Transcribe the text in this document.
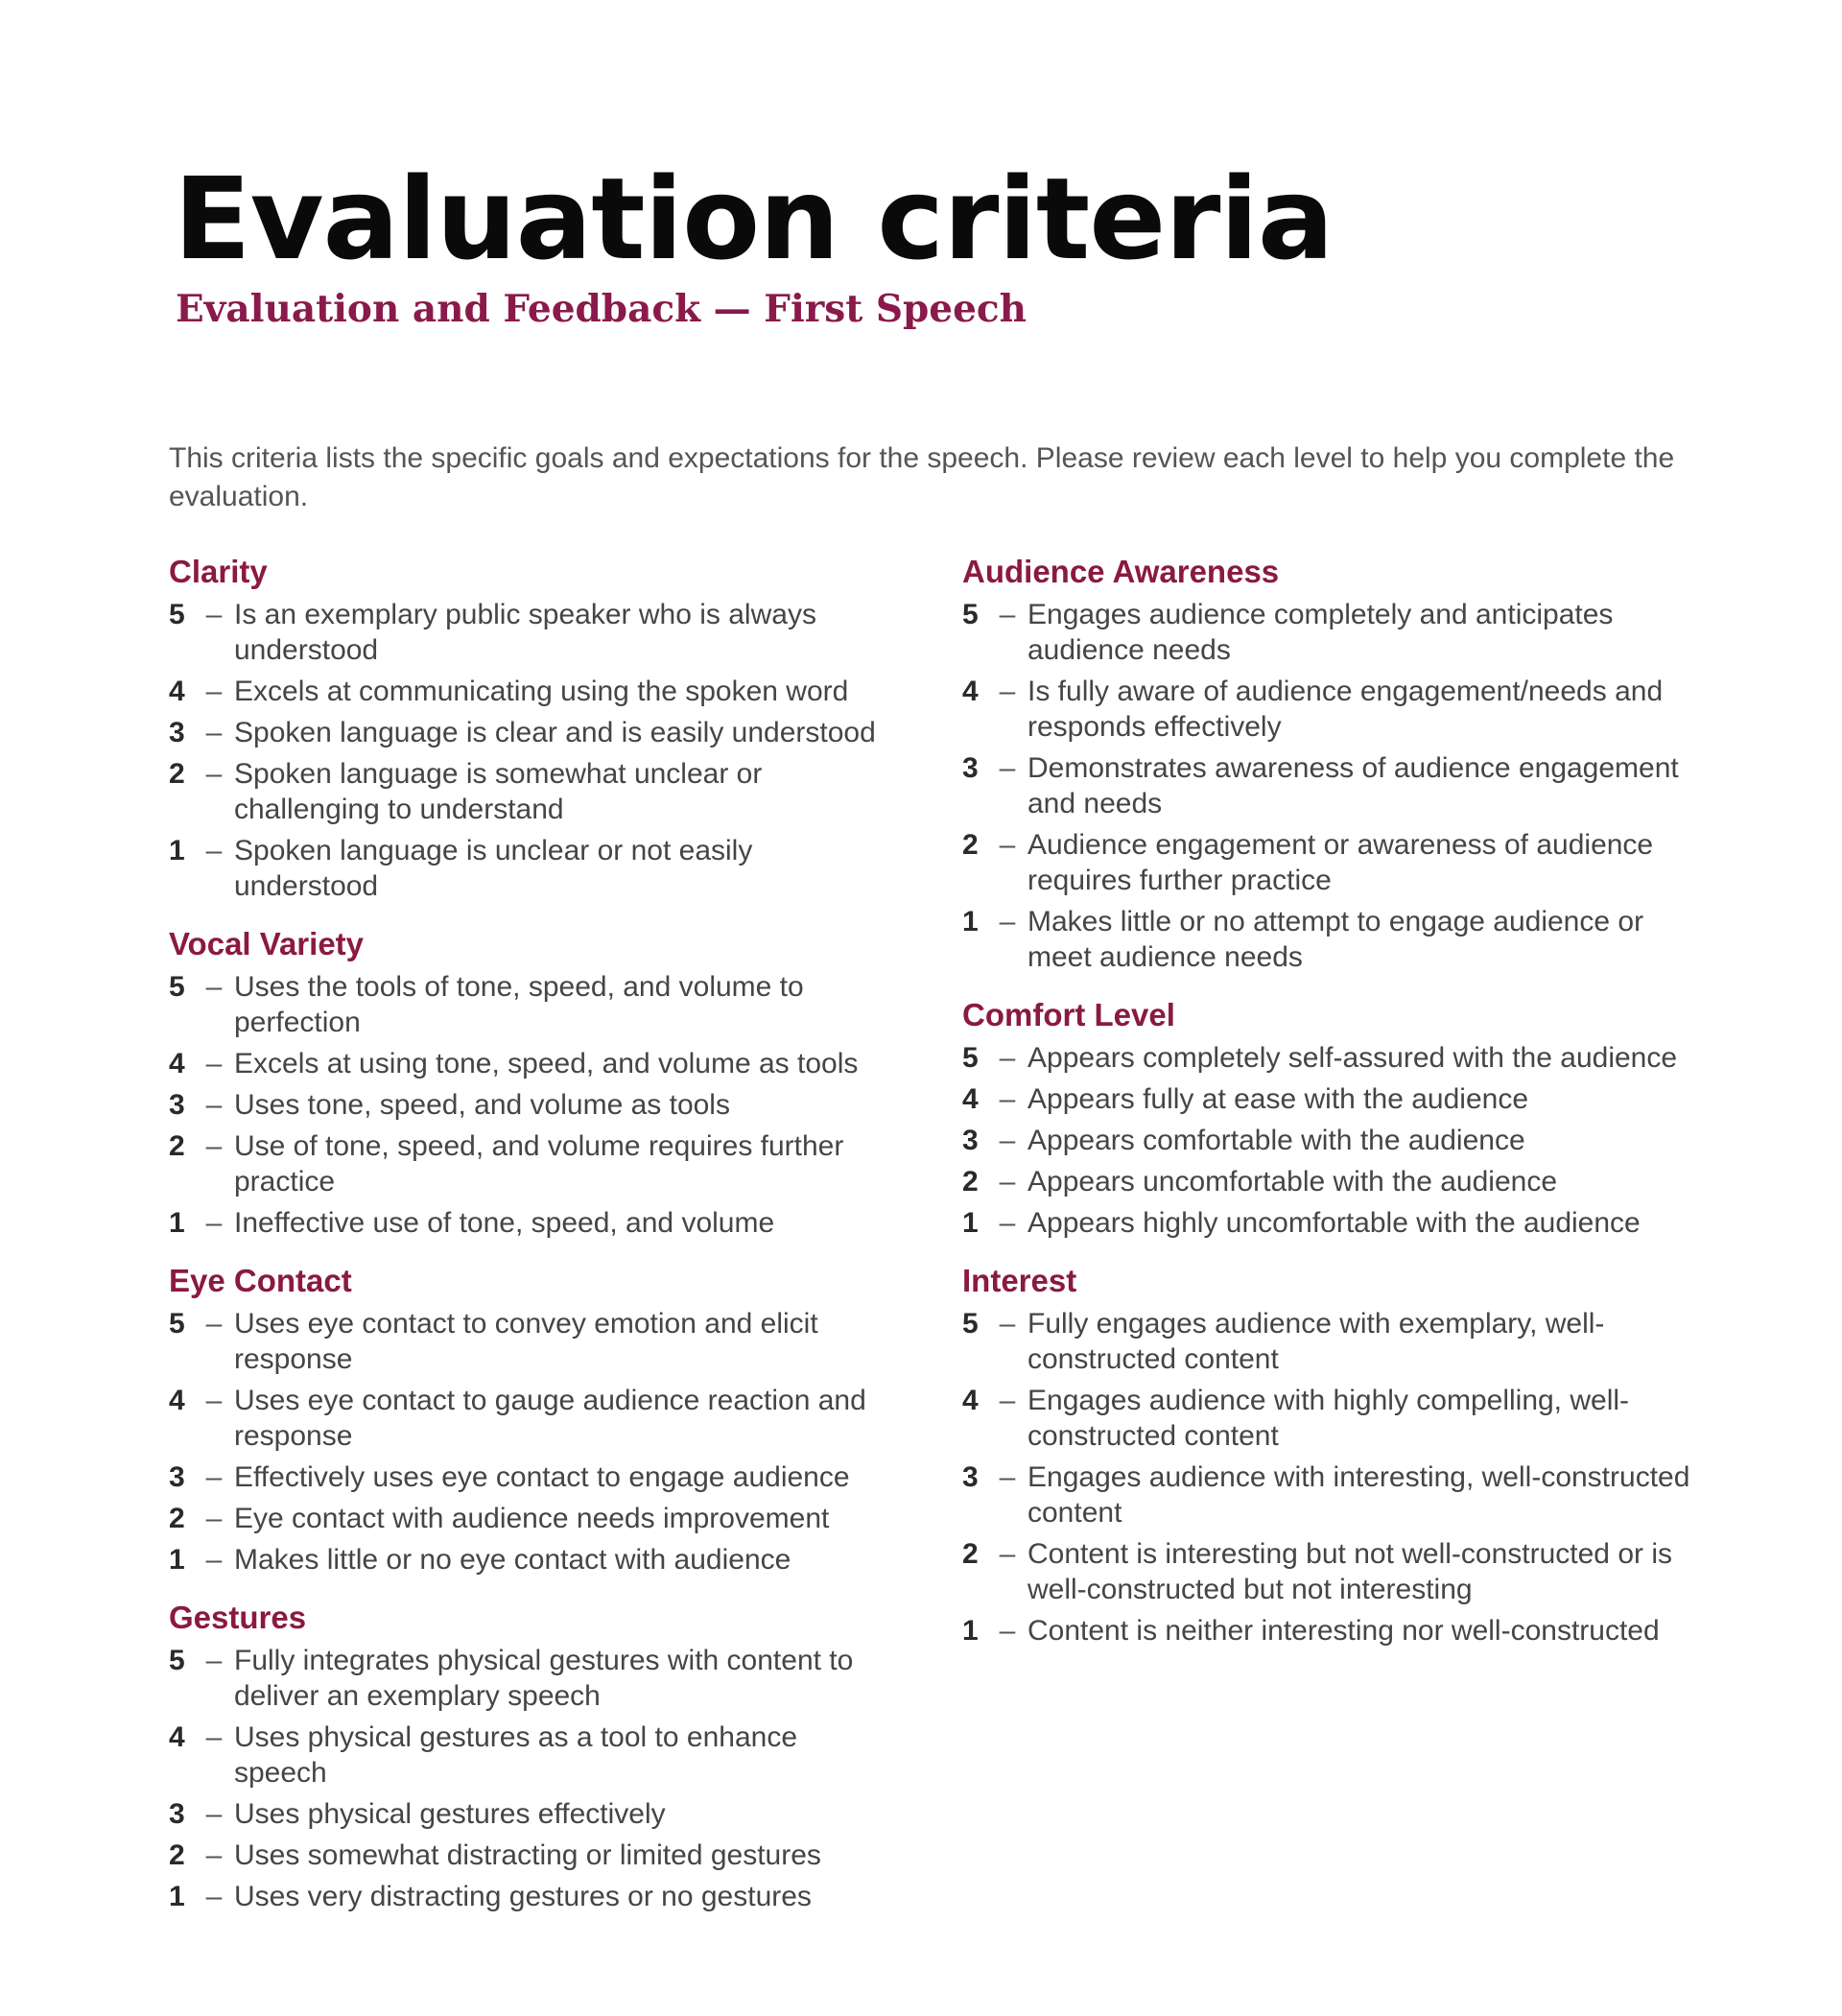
Evaluation criteria
Evaluation and Feedback — First Speech

This criteria lists the specific goals and expectations for the speech. Please review each level to help you complete the evaluation.

Clarity
5 – Is an exemplary public speaker who is always understood
4 – Excels at communicating using the spoken word
3 – Spoken language is clear and is easily understood
2 – Spoken language is somewhat unclear or challenging to understand
1 – Spoken language is unclear or not easily understood
Vocal Variety
5 – Uses the tools of tone, speed, and volume to perfection
4 – Excels at using tone, speed, and volume as tools
3 – Uses tone, speed, and volume as tools
2 – Use of tone, speed, and volume requires further practice
1 – Ineffective use of tone, speed, and volume
Eye Contact
5 – Uses eye contact to convey emotion and elicit response
4 – Uses eye contact to gauge audience reaction and response
3 – Effectively uses eye contact to engage audience
2 – Eye contact with audience needs improvement
1 – Makes little or no eye contact with audience
Gestures
5 – Fully integrates physical gestures with content to deliver an exemplary speech
4 – Uses physical gestures as a tool to enhance speech
3 – Uses physical gestures effectively
2 – Uses somewhat distracting or limited gestures
1 – Uses very distracting gestures or no gestures
Audience Awareness
5 – Engages audience completely and anticipates audience needs
4 – Is fully aware of audience engagement/needs and responds effectively
3 – Demonstrates awareness of audience engagement and needs
2 – Audience engagement or awareness of audience requires further practice
1 – Makes little or no attempt to engage audience or meet audience needs
Comfort Level
5 – Appears completely self-assured with the audience
4 – Appears fully at ease with the audience
3 – Appears comfortable with the audience
2 – Appears uncomfortable with the audience
1 – Appears highly uncomfortable with the audience
Interest
5 – Fully engages audience with exemplary, well-constructed content
4 – Engages audience with highly compelling, well-constructed content
3 – Engages audience with interesting, well-constructed content
2 – Content is interesting but not well-constructed or is well-constructed but not interesting
1 – Content is neither interesting nor well-constructed
